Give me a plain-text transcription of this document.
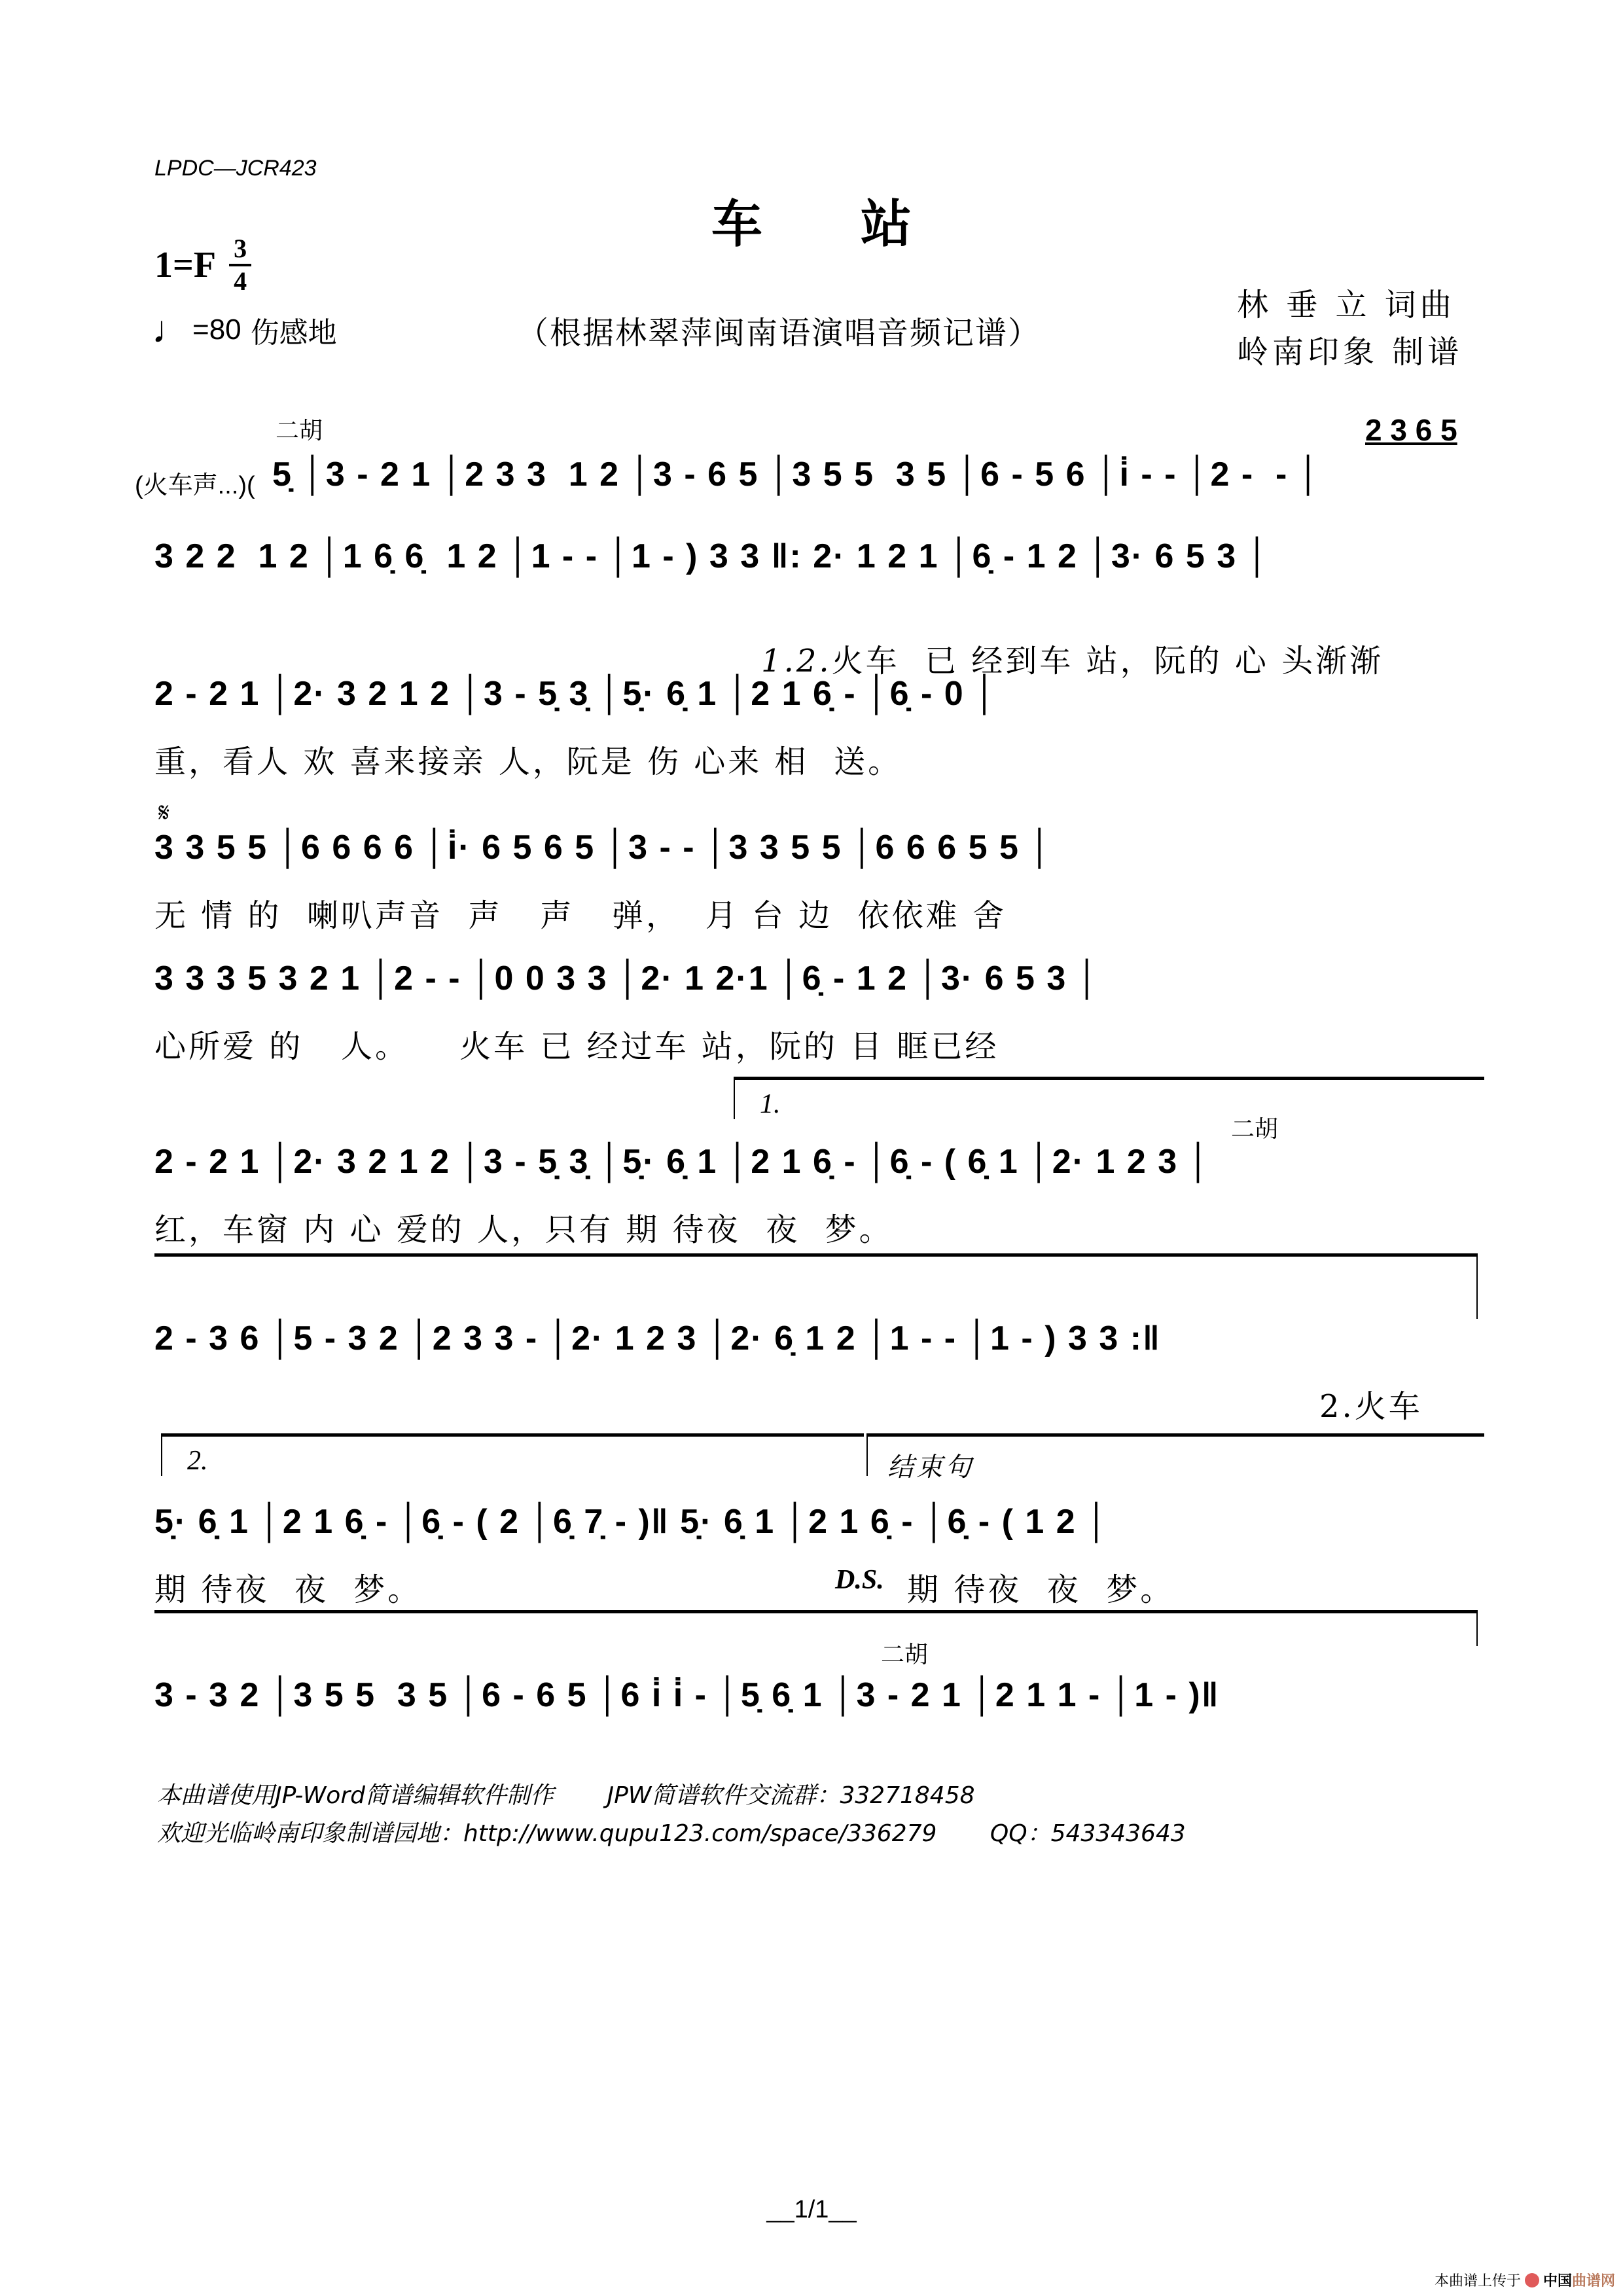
LPDC—JCR423
车站
$1=F \frac{3}{4}$
♩ =80 伤感地	（根据林翠萍闽南语演唱音频记谱）
林 垂 立 词曲
岭南印象 制谱
二胡	2 3 6 5
(火车声...)( 5̣ │3 - 2 1 │2 3 3  1 2 │3 - 6 5 │3 5 5  3 5 │6 - 5 6 │i̇ - - │2 -  - │
3 2 2  1 2 │1 6̣ 6̣  1 2 │1 - - │1 - ) 3 3 ‖: 2· 1 2 1 │6̣ - 1 2 │3· 6 5 3 │

1.2.火车  已 经到车 站，阮的 心 头渐渐

2 - 2 1 │2· 3 2 1 2 │3 - 5̣ 3̣ │5̣· 6̣ 1 │2 1 6̣ - │6̣ - 0 │
重，看人 欢 喜来接亲 人，阮是 伤 心来 相  送。
𝄋
3 3 5 5 │6 6 6 6 │i̇· 6 5 6 5 │3 - - │3 3 5 5 │6 6 6 5 5 │
无 情 的  喇叭声音  声   声   弹，  月 台 边  依依难 舍
3 3 3 5 3 2 1 │2 - - │0 0 3 3 │2· 1 2·1 │6̣ - 1 2 │3· 6 5 3 │
心所爱 的   人。    火车 已 经过车 站，阮的 目 眶已经
1.
二胡
2 - 2 1 │2· 3 2 1 2 │3 - 5̣ 3̣ │5̣· 6̣ 1 │2 1 6̣ - │6̣ - ( 6̣ 1 │2· 1 2 3 │
红，车窗 内 心 爱的 人，只有 期 待夜  夜  梦。
2 - 3 6 │5 - 3 2 │2 3 3 - │2· 1 2 3 │2· 6̣ 1 2 │1 - - │1 - ) 3 3 :‖
2.火车
2.	结束句
5̣· 6̣ 1 │2 1 6̣ - │6̣ - ( 2 │6̣ 7̣ - )‖ 5̣· 6̣ 1 │2 1 6̣ - │6̣ - ( 1 2 │
期 待夜  夜  梦。	D.S. 期 待夜  夜  梦。
二胡
3 - 3 2 │3 5 5  3 5 │6 - 6 5 │6 i̇ i̇ - │5̣ 6̣ 1 │3 - 2 1 │2 1 1 - │1 - )‖
本曲谱使用JP-Word简谱编辑软件制作 JPW简谱软件交流群：332718458
欢迎光临岭南印象制谱园地：http://www.qupu123.com/space/336279 QQ：543343643
__1/1__
本曲谱上传于 中国 曲谱网
